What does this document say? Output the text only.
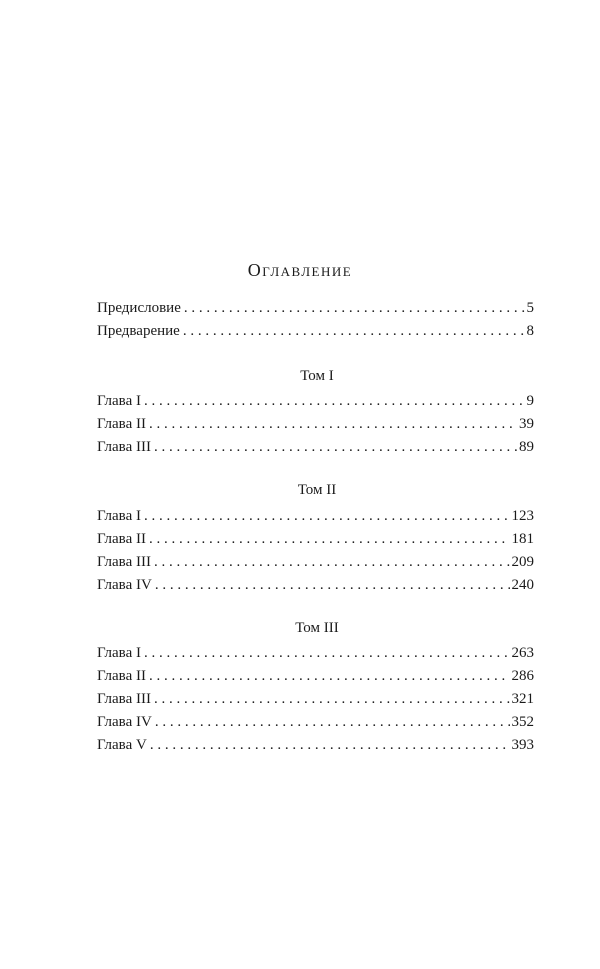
Оглавление
Предисловие . . .	5
Предварение . . .	8
Том I
Глава I . . .	9
Глава II . . .	39
Глава III . . .	89
Том II
Глава I . . .	123
Глава II . . .	181
Глава III . . .	209
Глава IV . . .	240
Том III
Глава I . . .	263
Глава II . . .	286
Глава III . . .	321
Глава IV . . .	352
Глава V . . .	393
